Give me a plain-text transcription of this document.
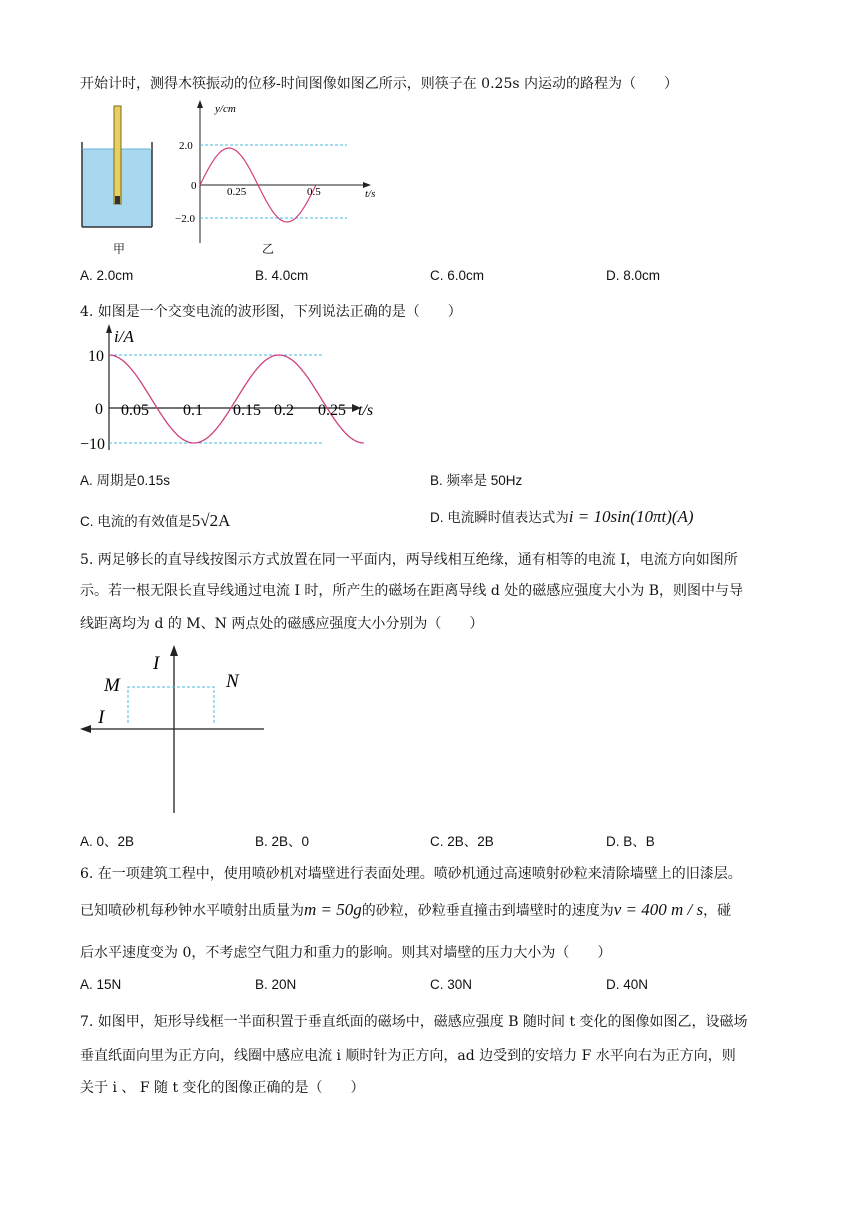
开始计时，测得木筷振动的位移-时间图像如图乙所示，则筷子在 0.25s 内运动的路程为（　　）
甲
y/cm
2.0
0
−2.0
0.25	0.5	t/s
乙
A. 2.0cm	B. 4.0cm	C. 6.0cm	D. 8.0cm
4. 如图是一个交变电流的波形图，下列说法正确的是（　　）
i/A
10
0
−10
0.05 0.1 0.15 0.2 0.25 t/s
A. 周期是0.15s	B. 频率是 50Hz
C. 电流的有效值是5√2A	D. 电流瞬时值表达式为i = 10sin(10πt)(A)
5. 两足够长的直导线按图示方式放置在同一平面内，两导线相互绝缘，通有相等的电流 I，电流方向如图所
示。若一根无限长直导线通过电流 I 时，所产生的磁场在距离导线 d 处的磁感应强度大小为 B，则图中与导
线距离均为 d 的 M、N 两点处的磁感应强度大小分别为（　　）
I
I
M	N
A. 0、2B	B. 2B、0	C. 2B、2B	D. B、B
6. 在一项建筑工程中，使用喷砂机对墙壁进行表面处理。喷砂机通过高速喷射砂粒来清除墙壁上的旧漆层。
已知喷砂机每秒钟水平喷射出质量为m = 50g的砂粒，砂粒垂直撞击到墙壁时的速度为v = 400 m / s，碰
后水平速度变为 0，不考虑空气阻力和重力的影响。则其对墙壁的压力大小为（　　）
A. 15N	B. 20N	C. 30N	D. 40N
7. 如图甲，矩形导线框一半面积置于垂直纸面的磁场中，磁感应强度 B 随时间 t 变化的图像如图乙，设磁场
垂直纸面向里为正方向，线圈中感应电流 i 顺时针为正方向，ad 边受到的安培力 F 水平向右为正方向，则
关于 i 、 F 随 t 变化的图像正确的是（　　）
